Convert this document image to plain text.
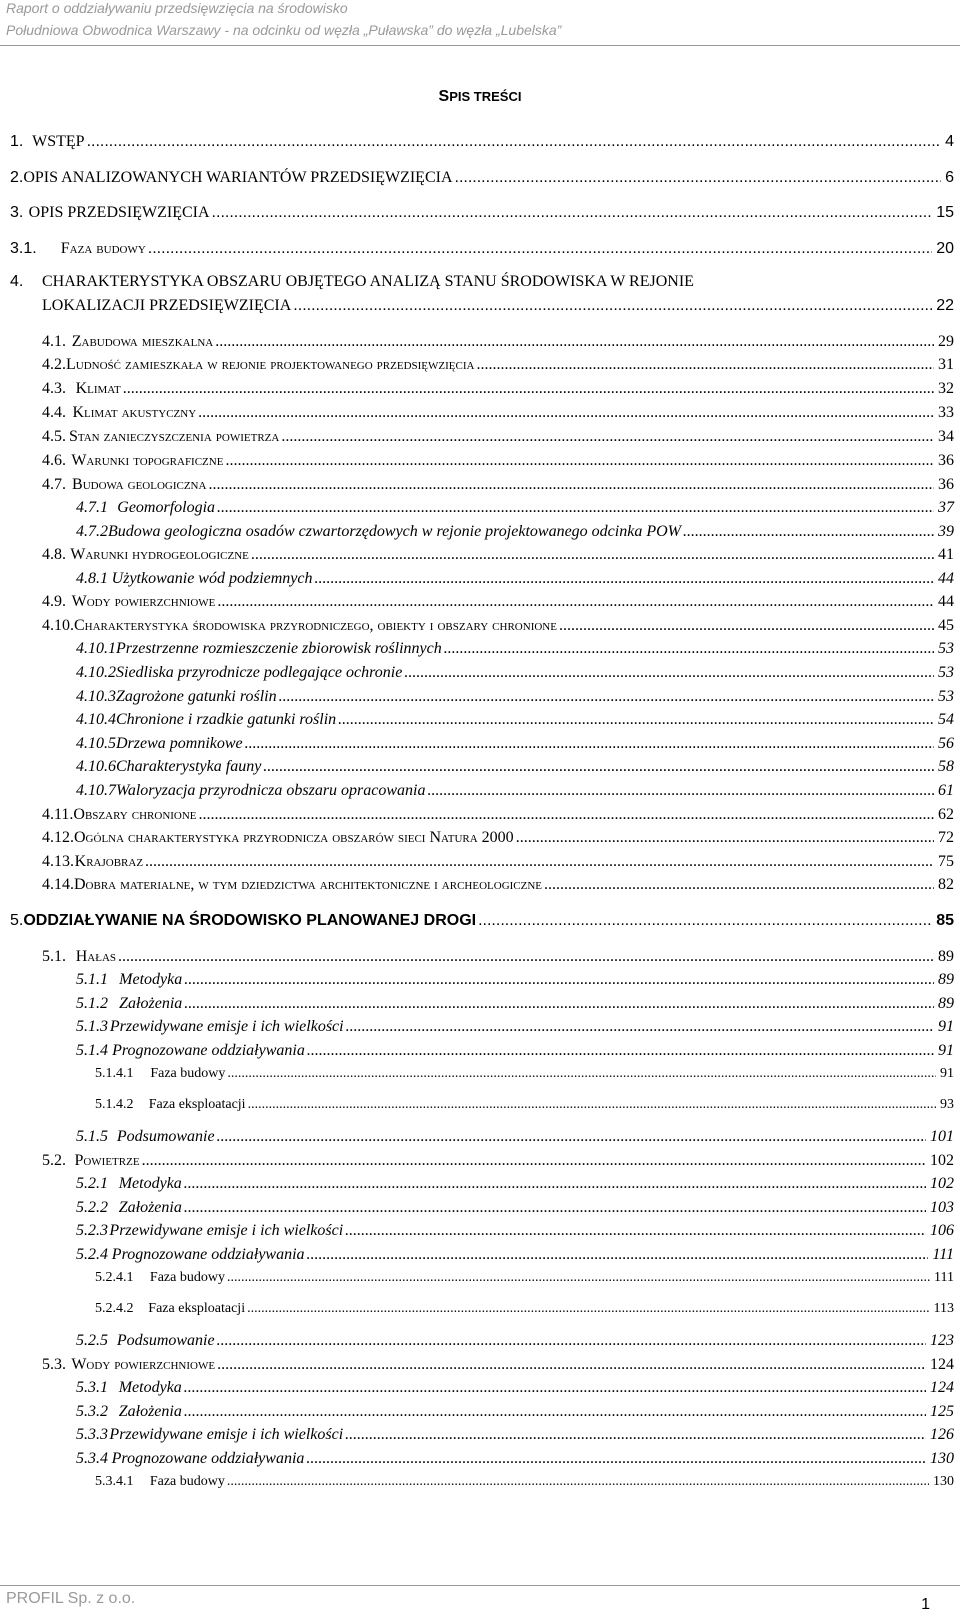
Raport o oddziaływaniu przedsięwzięcia na środowisko
Południowa Obwodnica Warszawy - na odcinku od węzła „Puławska” do węzła „Lubelska”
SPIS TREŚCI
1. WSTĘP .....	4
2. OPIS ANALIZOWANYCH WARIANTÓW PRZEDSIĘWZIĘCIA .....	6
3. OPIS PRZEDSIĘWZIĘCIA .....	15
3.1.	Faza budowy .....	20
4.	CHARAKTERYSTYKA OBSZARU OBJĘTEGO ANALIZĄ STANU ŚRODOWISKA W REJONIE
LOKALIZACJI PRZEDSIĘWZIĘCIA .....	22
4.1. Zabudowa mieszkalna .....	29
4.2. Ludność zamieszkała w rejonie projektowanego przedsięwzięcia .....	31
4.3. Klimat .....	32
4.4. Klimat akustyczny .....	33
4.5. Stan zanieczyszczenia powietrza .....	34
4.6. Warunki topograficzne .....	36
4.7. Budowa geologiczna .....	36
4.7.1 Geomorfologia .....	37
4.7.2 Budowa geologiczna osadów czwartorzędowych w rejonie projektowanego odcinka POW .....	39
4.8. Warunki hydrogeologiczne .....	41
4.8.1 Użytkowanie wód podziemnych .....	44
4.9. Wody powierzchniowe .....	44
4.10. Charakterystyka środowiska przyrodniczego, obiekty i obszary chronione .....	45
4.10.1 Przestrzenne rozmieszczenie zbiorowisk roślinnych .....	53
4.10.2 Siedliska przyrodnicze podlegające ochronie .....	53
4.10.3 Zagrożone gatunki roślin .....	53
4.10.4 Chronione i rzadkie gatunki roślin .....	54
4.10.5 Drzewa pomnikowe .....	56
4.10.6 Charakterystyka fauny .....	58
4.10.7 Waloryzacja przyrodnicza obszaru opracowania .....	61
4.11. Obszary chronione .....	62
4.12. Ogólna charakterystyka przyrodnicza obszarów sieci Natura 2000 .....	72
4.13. Krajobraz .....	75
4.14. Dobra materialne, w tym dziedzictwa architektoniczne i archeologiczne .....	82
5. ODDZIAŁYWANIE NA ŚRODOWISKO PLANOWANEJ DROGI .....	85
5.1. Hałas .....	89
5.1.1 Metodyka .....	89
5.1.2 Założenia .....	89
5.1.3 Przewidywane emisje i ich wielkości .....	91
5.1.4 Prognozowane oddziaływania .....	91
5.1.4.1	Faza budowy .....	91
5.1.4.2	Faza eksploatacji .....	93
5.1.5 Podsumowanie .....	101
5.2. Powietrze .....	102
5.2.1 Metodyka .....	102
5.2.2 Założenia .....	103
5.2.3 Przewidywane emisje i ich wielkości .....	106
5.2.4 Prognozowane oddziaływania .....	111
5.2.4.1	Faza budowy .....	111
5.2.4.2	Faza eksploatacji .....	113
5.2.5 Podsumowanie .....	123
5.3. Wody powierzchniowe .....	124
5.3.1 Metodyka .....	124
5.3.2 Założenia .....	125
5.3.3 Przewidywane emisje i ich wielkości .....	126
5.3.4 Prognozowane oddziaływania .....	130
5.3.4.1	Faza budowy .....	130
PROFIL Sp. z o.o.	1
